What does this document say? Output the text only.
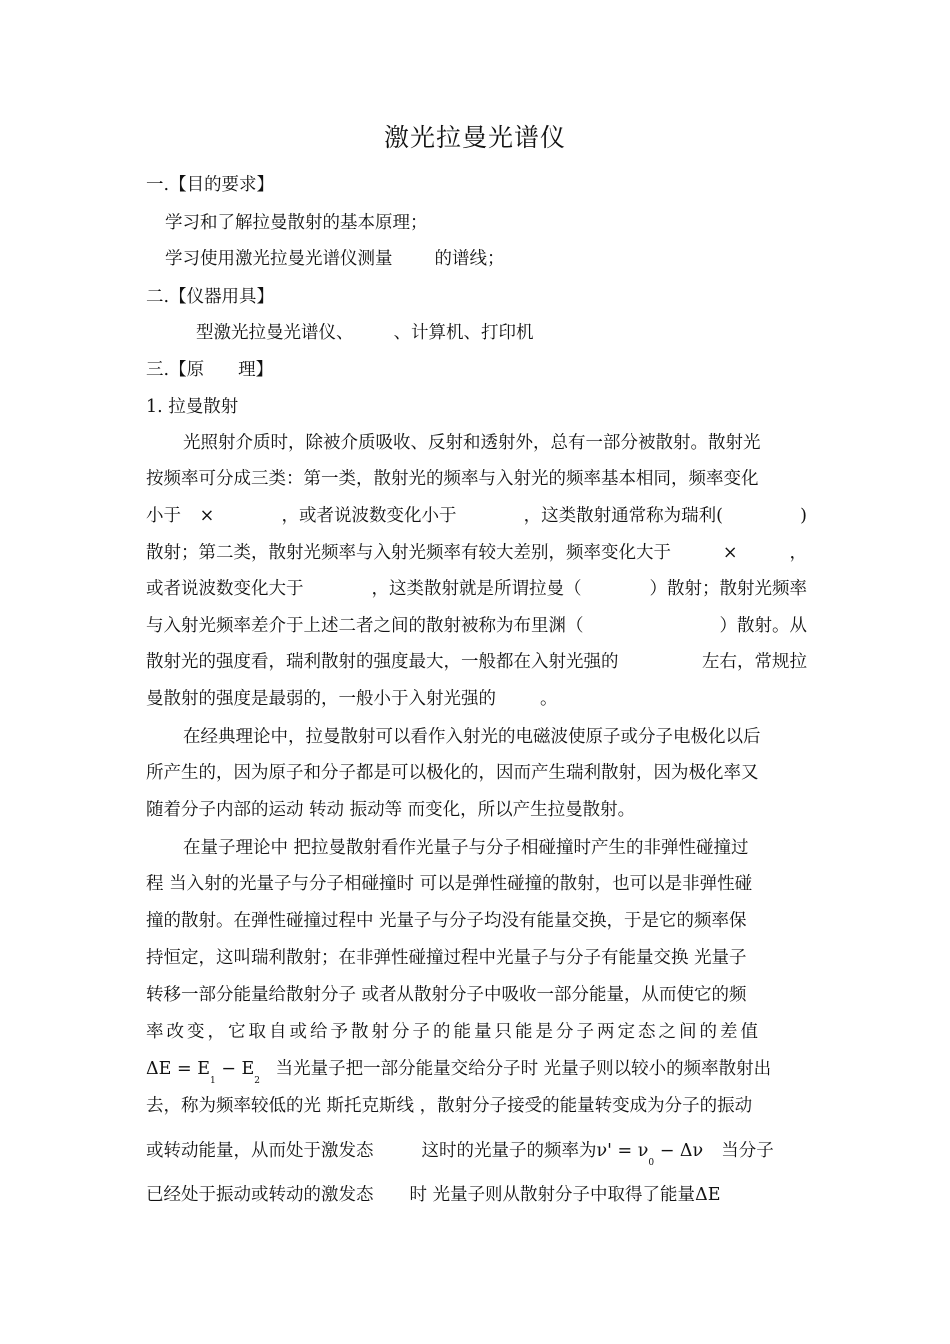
激光拉曼光谱仪
一.【目的要求】
学习和了解拉曼散射的基本原理；
学习使用激光拉曼光谱仪测量 的谱线；
二.【仪器用具】
型激光拉曼光谱仪、 、计算机、打印机
三.【原 理】
1. 拉曼散射
光照射介质时，除被介质吸收、反射和透射外，总有一部分被散射。散射光
按频率可分成三类：第一类，散射光的频率与入射光的频率基本相同，频率变化
小于 ×	，或者说波数变化小于	，这类散射通常称为瑞利(	)
散射；第二类，散射光频率与入射光频率有较大差别，频率变化大于	×	，
或者说波数变化大于	，这类散射就是所谓拉曼（	）散射；散射光频率
与入射光频率差介于上述二者之间的散射被称为布里渊（	）散射。从
散射光的强度看，瑞利散射的强度最大，一般都在入射光强的	左右，常规拉
曼散射的强度是最弱的，一般小于入射光强的	。
在经典理论中，拉曼散射可以看作入射光的电磁波使原子或分子电极化以后
所产生的，因为原子和分子都是可以极化的，因而产生瑞利散射，因为极化率又
随着分子内部的运动 转动 振动等 而变化，所以产生拉曼散射。
在量子理论中 把拉曼散射看作光量子与分子相碰撞时产生的非弹性碰撞过
程 当入射的光量子与分子相碰撞时 可以是弹性碰撞的散射，也可以是非弹性碰
撞的散射。在弹性碰撞过程中 光量子与分子均没有能量交换，于是它的频率保
持恒定，这叫瑞利散射；在非弹性碰撞过程中光量子与分子有能量交换 光量子
转移一部分能量给散射分子 或者从散射分子中吸收一部分能量，从而使它的频
率改变，它取自或给予散射分子的能量只能是分子两定态之间的差值
$\Delta E = E_1 - E_2$ 当光量子把一部分能量交给分子时 光量子则以较小的频率散射出
去，称为频率较低的光 斯托克斯线 ，散射分子接受的能量转变成为分子的振动
或转动能量，从而处于激发态	这时的光量子的频率为$\nu' = \nu_0 - \Delta\nu$ 当分子
已经处于振动或转动的激发态 时 光量子则从散射分子中取得了能量ΔE
